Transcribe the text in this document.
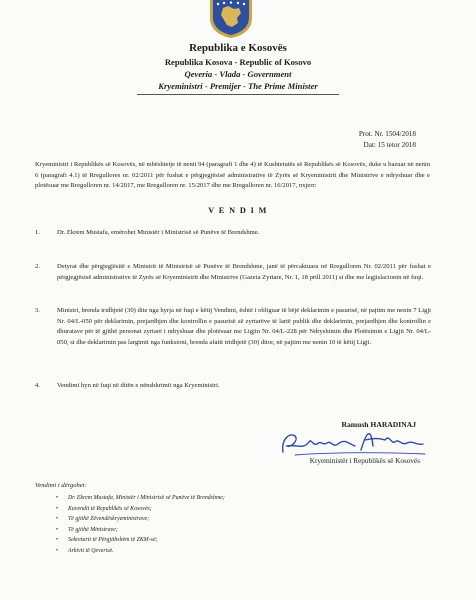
Republika e Kosovës
Republika Kosova - Republic of Kosovo
Qeveria - Vlada - Government
Kryeministri - Premijer - The Prime Minister
Prot. Nr. 1504/2018
Dat: 15 tetor 2018
Kryeministri i Republikës së Kosovës, në mbështetje të nenit 94 (paragrafi 1 dhe 4) të Kushtetutës së Republikës së Kosovës, duke u bazuar në nenin 6 (paragrafi 4.1) të Rregullores nr. 02/2011 për fushat e përgjegjësisë administrative të Zyrës së Kryeministrit dhe Ministrive e ndryshuar dhe e plotësuar me Rregulloren nr. 14/2017, me Rregulloren nr. 15/2017 dhe me Rregulloren nr. 16/2017, nxjerr:
V E N D I M
1.	Dr. Ekrem Mustafa, emërohet Ministër i Ministrisë së Punëve të Brendshme.
2.	Detyrat dhe përgjegjësitë e Ministrit të Ministrisë së Punëve të Brendshme, janë të përcaktuara në Rregulloren Nr. 02/2011 për fushat e përgjegjësisë administrative të Zyrës së Kryeministrit dhe Ministrive (Gazeta Zyrtare, Nr. 1, 18 prill 2011) si dhe me legjislacionin në fuqi.
3.	Ministri, brenda tridhjetë (30) dite nga hyrja në fuqi e këtij Vendimi, është i obliguar të bëjë deklarimin e pasurisë, në pajtim me nenin 7 Ligji Nr. 04/L-050 për deklarimin, prejardhjen dhe kontrollin e pasurisë së zyrtarëve të lartë publik dhe deklarimin, prejardhjen dhe kontrollin e dhuratave për të gjithë personat zyrtarë i ndryshuar dhe plotësuar me Ligjin Nr. 04/L-228 për Ndryshimin dhe Plotësimin e Ligjit Nr. 04/L-050, si dhe deklarimin pas largimit nga funksioni, brenda afatit tridhjetë (30) ditor, në pajtim me nenin 10 të këtij Ligji.
4.	Vendimi hyn në fuqi në ditën e nënshkrimit nga Kryeministri.
Ramush HARADINAJ
Kryeministër i Republikës së Kosovës
Vendimi i dërgohet:
• Dr. Ekrem Mustafa, Ministër i Ministrisë së Punëve të Brendshme;
• Kuvendit të Republikës së Kosovës;
• Të gjithë Zëvendëskryeministrave;
• Të gjithë Ministrave;
• Sekretarit të Përgjithshëm të ZKM-së;
• Arkivit të Qeverisë.
